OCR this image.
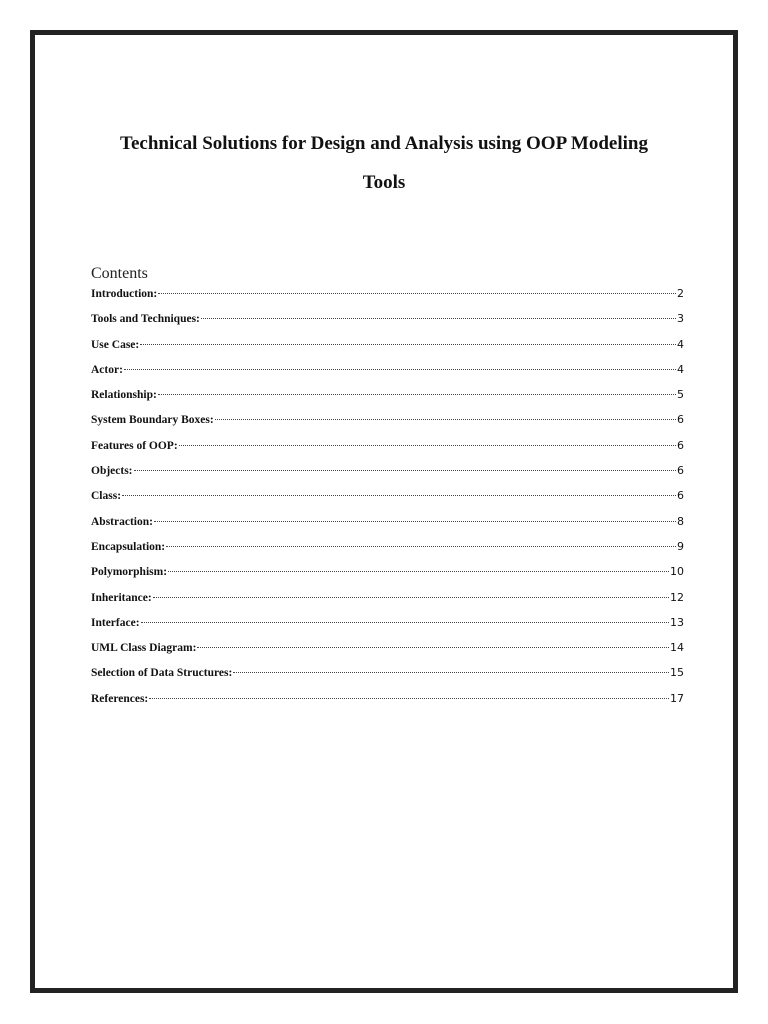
Technical Solutions for Design and Analysis using OOP Modeling
Tools
Contents
Introduction:	2
Tools and Techniques:	3
Use Case:	4
Actor:	4
Relationship:	5
System Boundary Boxes:	6
Features of OOP:	6
Objects:	6
Class:	6
Abstraction:	8
Encapsulation:	9
Polymorphism:	10
Inheritance:	12
Interface:	13
UML Class Diagram:	14
Selection of Data Structures:	15
References:	17
